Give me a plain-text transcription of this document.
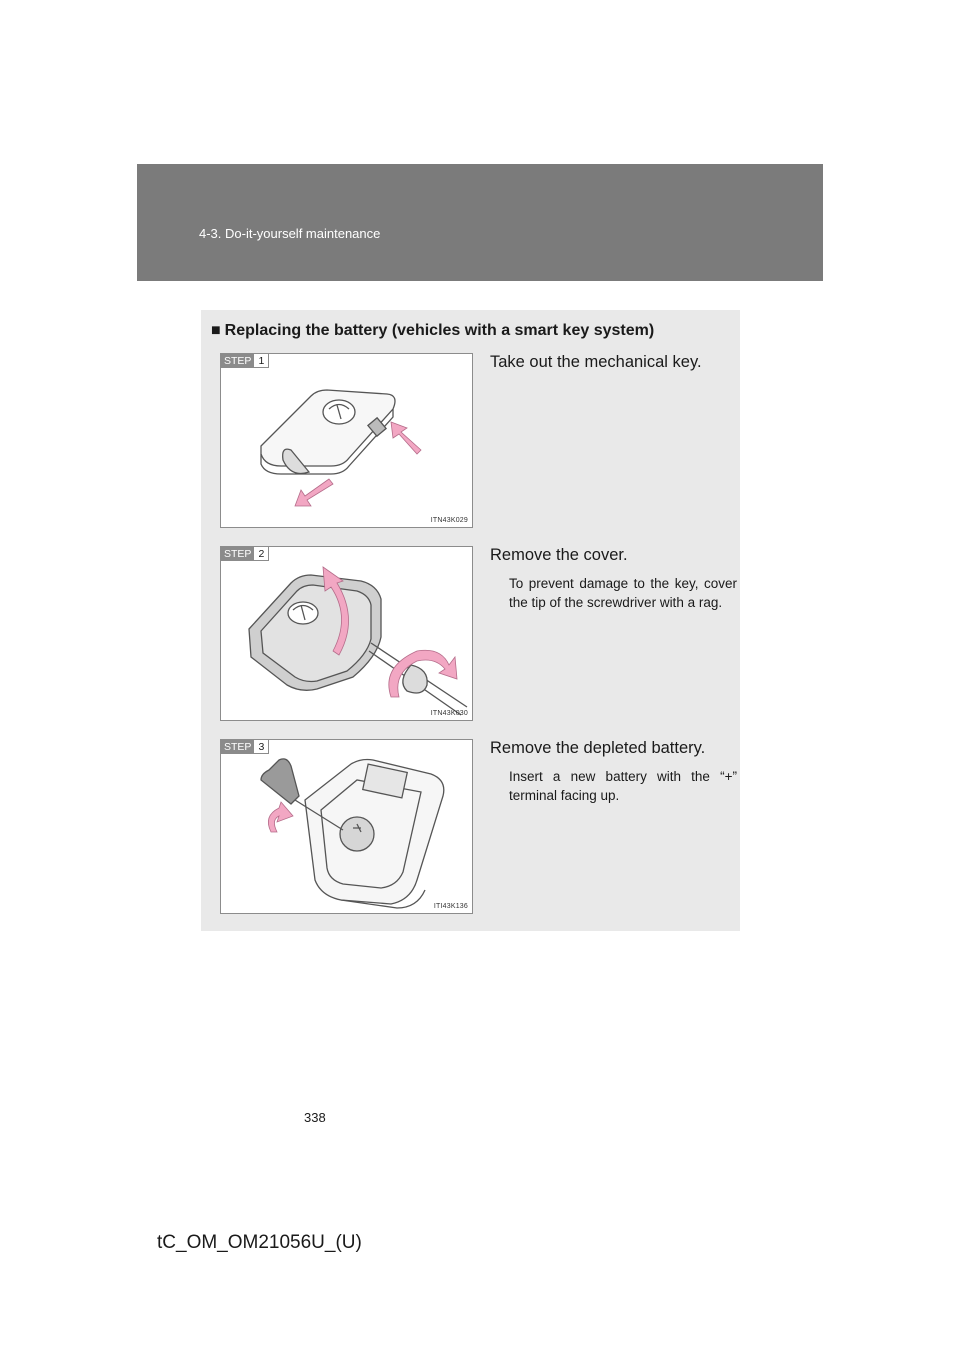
4-3. Do-it-yourself maintenance
■ Replacing the battery (vehicles with a smart key system)
STEP 1
ITN43K029

Take out the mechanical key.

STEP 2
ITN43K030

Remove the cover.

To prevent damage to the key, cover the tip of the screwdriver with a rag.

STEP 3
ITI43K136

Remove the depleted battery.

Insert a new battery with the “+” terminal facing up.

338
tC_OM_OM21056U_(U)
